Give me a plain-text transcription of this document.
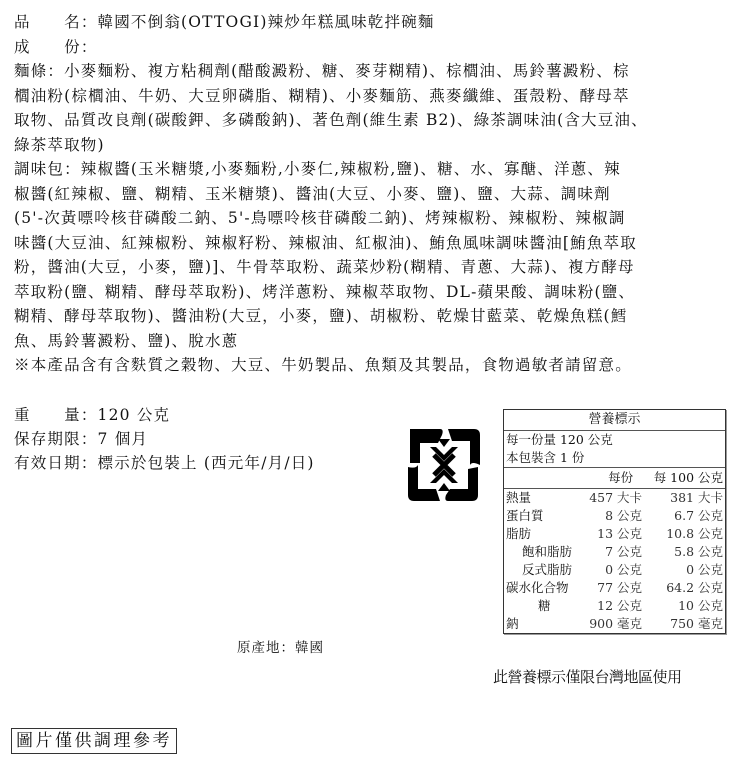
品　　名：韓國不倒翁(OTTOGI)辣炒年糕風味乾拌碗麵

成　　份：

麵條：小麥麵粉、複方粘稠劑(醋酸澱粉、糖、麥芽糊精)、棕櫚油、馬鈴薯澱粉、棕

櫚油粉(棕櫚油、牛奶、大豆卵磷脂、糊精)、小麥麵筋、燕麥纖維、蛋殼粉、酵母萃

取物、品質改良劑(碳酸鉀、多磷酸鈉)、著色劑(維生素 B2)、綠茶調味油(含大豆油、

綠茶萃取物)

調味包：辣椒醬(玉米糖漿,小麥麵粉,小麥仁,辣椒粉,鹽)、糖、水、寡醣、洋蔥、辣

椒醬(紅辣椒、鹽、糊精、玉米糖漿)、醬油(大豆、小麥、鹽)、鹽、大蒜、調味劑

(5'-次黃嘌呤核苷磷酸二鈉、5'-鳥嘌呤核苷磷酸二鈉)、烤辣椒粉、辣椒粉、辣椒調

味醬(大豆油、紅辣椒粉、辣椒籽粉、辣椒油、紅椒油)、鮪魚風味調味醬油[鮪魚萃取

粉，醬油(大豆，小麥，鹽)]、牛骨萃取粉、蔬菜炒粉(糊精、青蔥、大蒜)、複方酵母

萃取粉(鹽、糊精、酵母萃取粉)、烤洋蔥粉、辣椒萃取物、DL-蘋果酸、調味粉(鹽、

糊精、酵母萃取物)、醬油粉(大豆，小麥，鹽)、胡椒粉、乾燥甘藍菜、乾燥魚糕(鱈

魚、馬鈴薯澱粉、鹽)、脫水蔥

※本產品含有含麩質之穀物、大豆、牛奶製品、魚類及其製品，食物過敏者請留意。

重　　量：120 公克

保存期限：7 個月

有效日期：標示於包裝上 (西元年/月/日)

營養標示		
每一份量 120 公克		
本包裝含 1 份		
	每份	每 100 公克
熱量	457 大卡	381 大卡
蛋白質	8 公克	6.7 公克
脂肪	13 公克	10.8 公克
飽和脂肪	7 公克	5.8 公克
反式脂肪	0 公克	0 公克
碳水化合物	77 公克	64.2 公克
糖	12 公克	10 公克
鈉	900 毫克	750 毫克
原產地：韓國
此營養標示僅限台灣地區使用
圖片僅供調理參考
